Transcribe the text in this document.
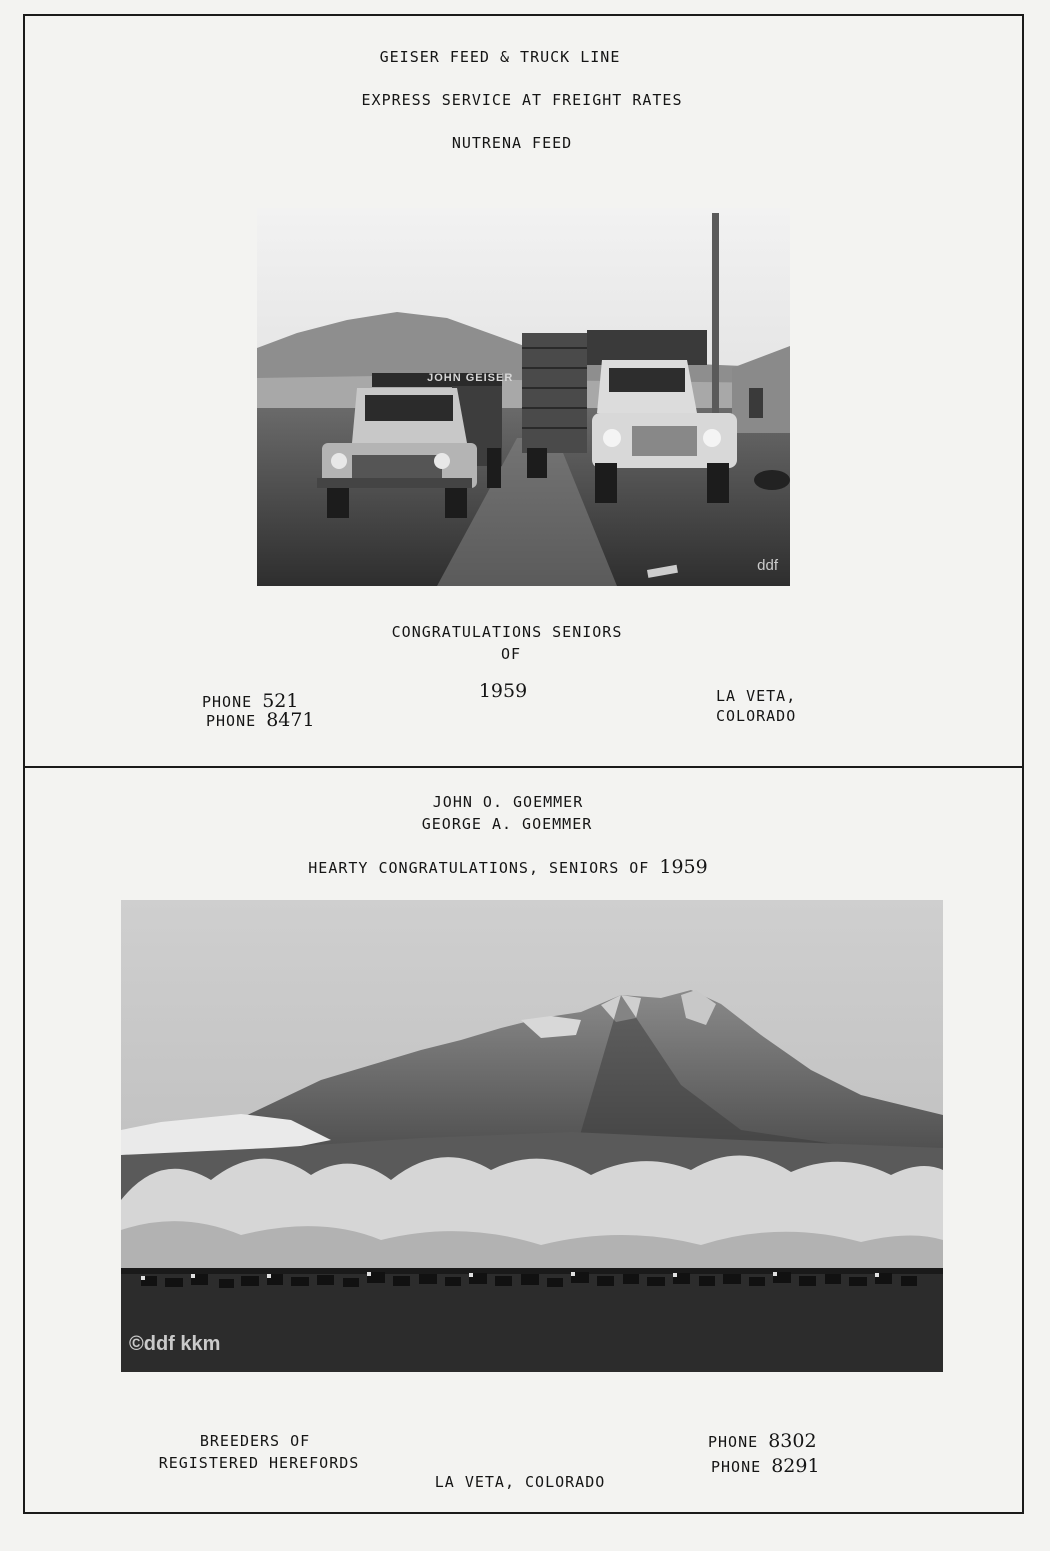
GEISER FEED & TRUCK LINE
EXPRESS SERVICE AT FREIGHT RATES
NUTRENA FEED
JOHN GEISER
ddf
CONGRATULATIONS SENIORS
OF
1959
PHONE 521
PHONE 8471
LA VETA,
COLORADO
JOHN O. GOEMMER
GEORGE A. GOEMMER
HEARTY CONGRATULATIONS, SENIORS OF 1959
©ddf kkm
BREEDERS OF
REGISTERED HEREFORDS
LA VETA, COLORADO
PHONE 8302
PHONE 8291
